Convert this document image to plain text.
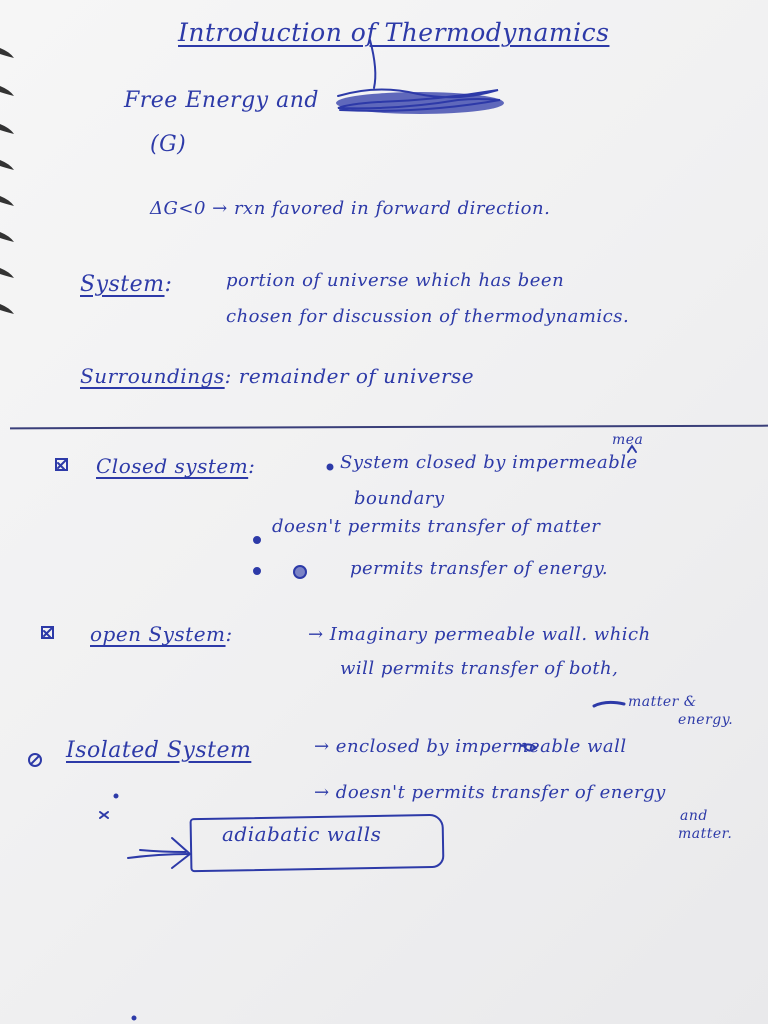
Introduction of Thermodynamics
Free Energy and
(G)
ΔG<0 → rxn favored in forward direction.
System:	portion of universe which has been
chosen for discussion of thermodynamics.
Surroundings: remainder of universe
Closed system:
mea
System closed by impermeable
boundary
doesn't permits transfer of matter
permits transfer of energy.
open System:	→ Imaginary permeable wall. which
will permits transfer of both,
matter &
energy.
Isolated System	→ enclosed by impermeable wall
→ doesn't permits transfer of energy
and
matter.
adiabatic walls
